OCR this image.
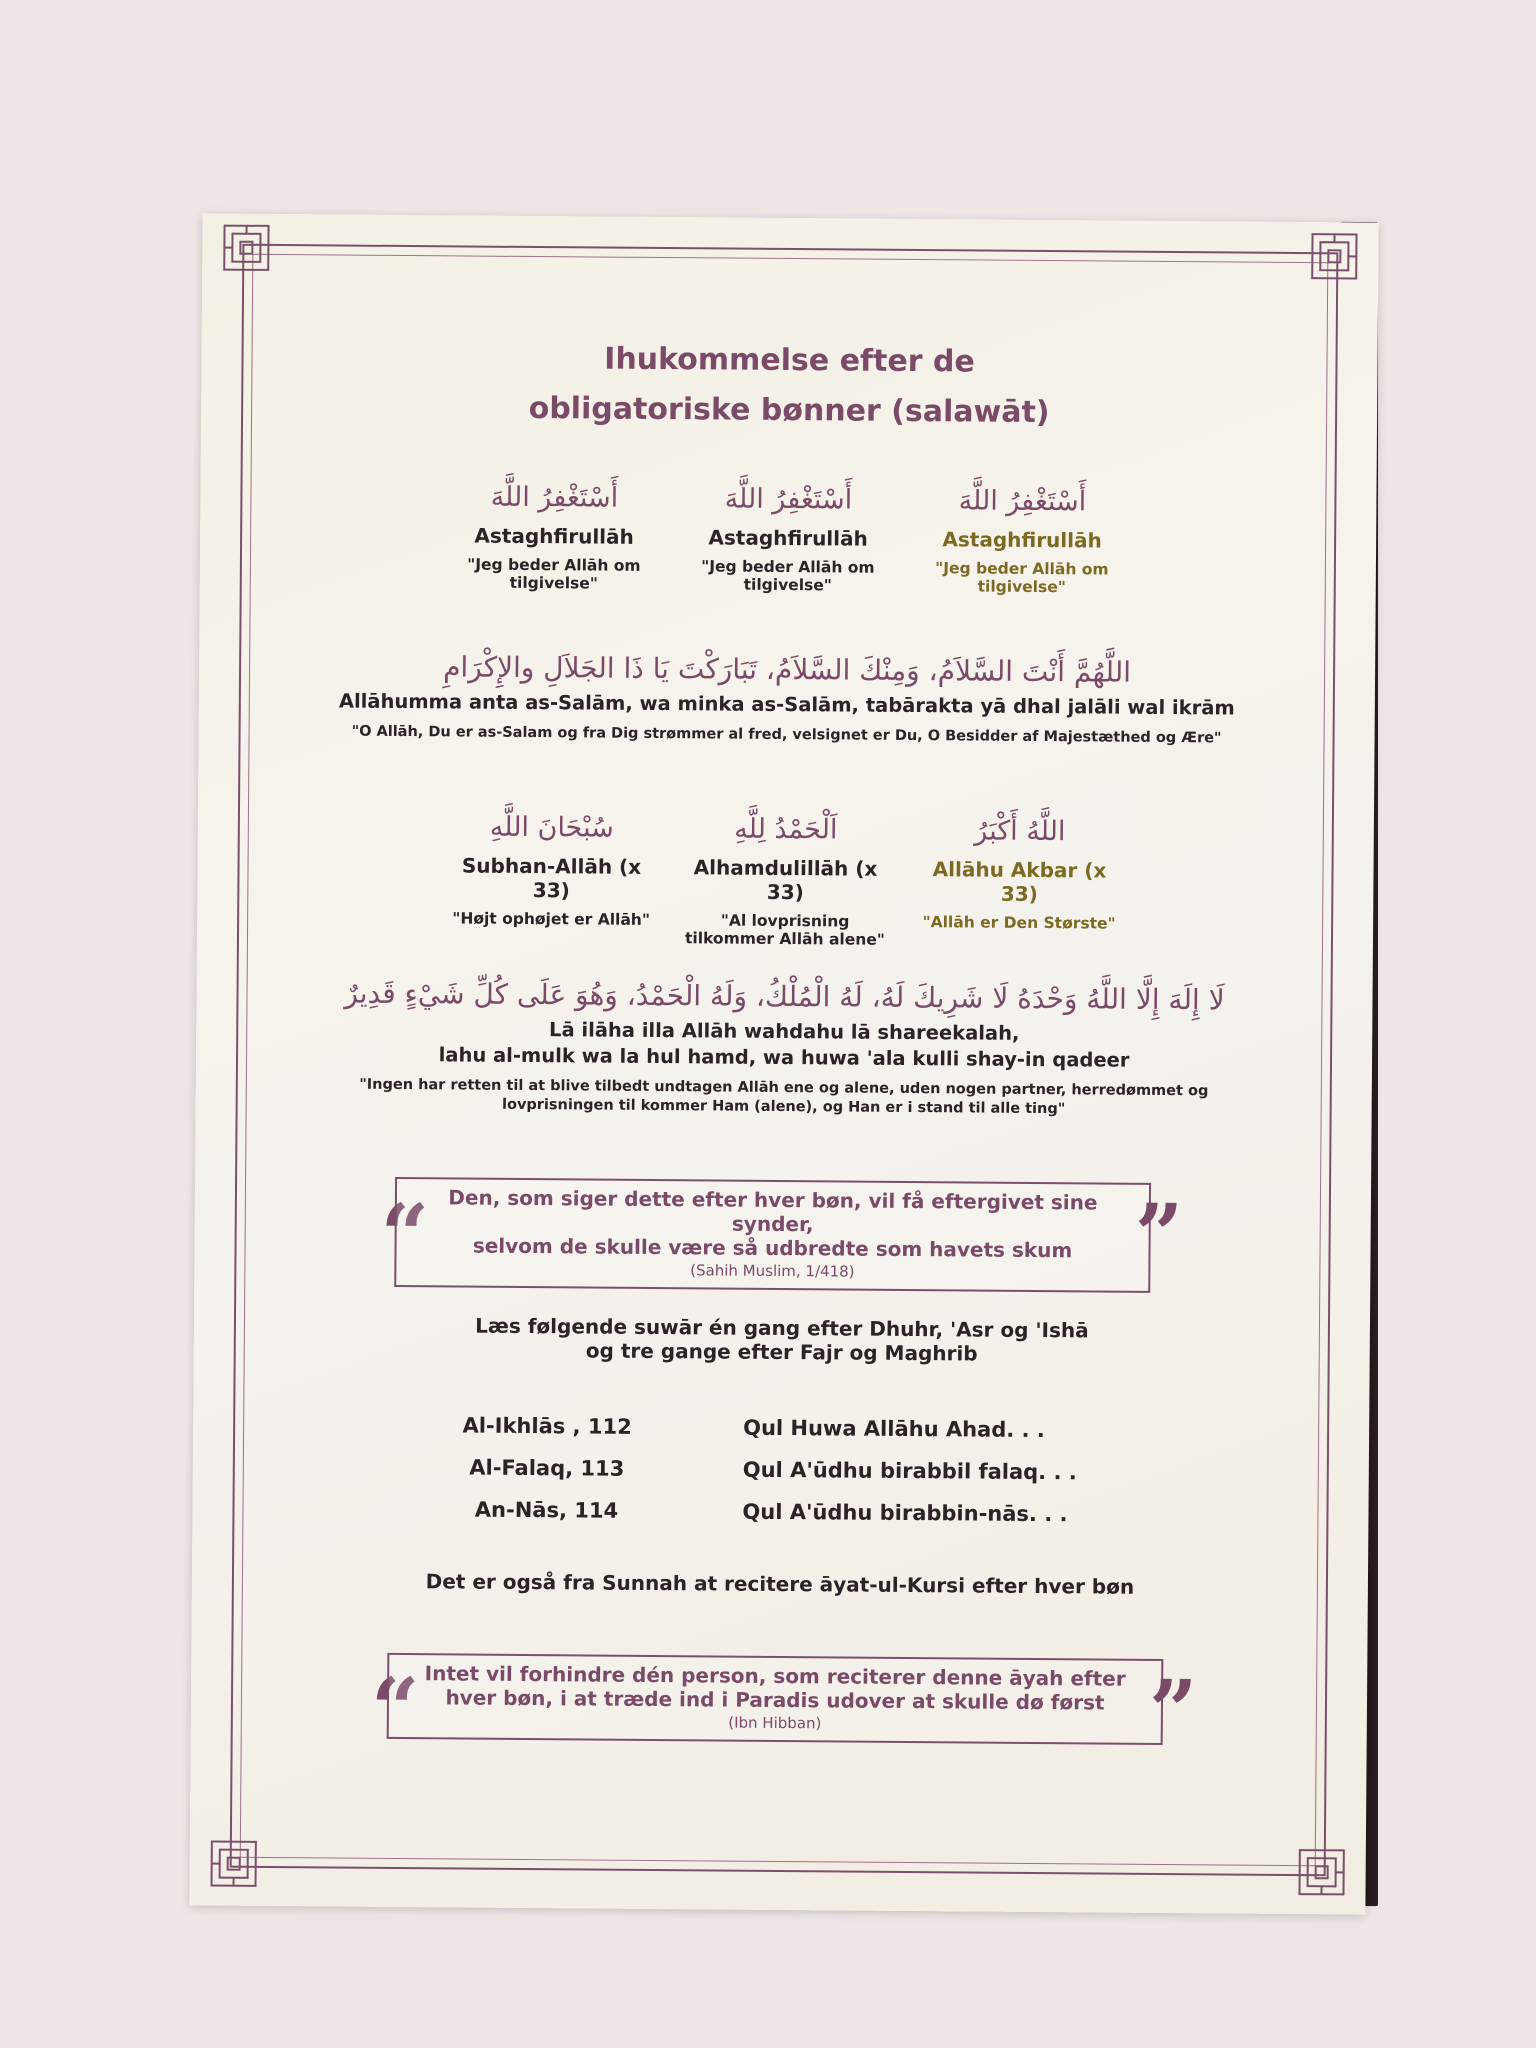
Ihukommelse efter de
obligatoriske bønner (salawāt)
أَسْتَغْفِرُ اللَّهَ
Astaghfirullāh
"Jeg beder Allāh om tilgivelse"
أَسْتَغْفِرُ اللَّهَ
Astaghfirullāh
"Jeg beder Allāh om tilgivelse"
أَسْتَغْفِرُ اللَّهَ
Astaghfirullāh
"Jeg beder Allāh om tilgivelse"
اللَّهُمَّ أَنْتَ السَّلاَمُ، وَمِنْكَ السَّلاَمُ، تَبَارَكْتَ يَا ذَا الجَلاَلِ والإِكْرَامِ
Allāhumma anta as-Salām, wa minka as-Salām, tabārakta yā dhal jalāli wal ikrām
"O Allāh, Du er as-Salam og fra Dig strømmer al fred, velsignet er Du, O Besidder af Majestæthed og Ære"
سُبْحَانَ اللَّهِ
Subhan-Allāh (x 33)
"Højt ophøjet er Allāh"
اَلْحَمْدُ لِلَّهِ
Alhamdulillāh (x 33)
"Al lovprisning tilkommer Allāh alene"
اللَّهُ أَكْبَرُ
Allāhu Akbar (x 33)
"Allāh er Den Største"
لَا إِلَهَ إِلَّا اللَّهُ وَحْدَهُ لَا شَرِيكَ لَهُ، لَهُ الْمُلْكُ، وَلَهُ الْحَمْدُ، وَهُوَ عَلَى كُلِّ شَيْءٍ قَدِيرٌ
Lā ilāha illa Allāh wahdahu lā shareekalah,
lahu al-mulk wa la hul hamd, wa huwa 'ala kulli shay-in qadeer
"Ingen har retten til at blive tilbedt undtagen Allāh ene og alene, uden nogen partner, herredømmet og
lovprisningen til kommer Ham (alene), og Han er i stand til alle ting"
“ Den, som siger dette efter hver bøn, vil få eftergivet sine synder,
selvom de skulle være så udbredte som havets skum
(Sahih Muslim, 1/418)	”
Læs følgende suwār én gang efter Dhuhr, 'Asr og 'Ishā
og tre gange efter Fajr og Maghrib
Al-Ikhlās , 112	Qul Huwa Allāhu Ahad. . .
Al-Falaq, 113	Qul A'ūdhu birabbil falaq. . .
An-Nās, 114	Qul A'ūdhu birabbin-nās. . .
Det er også fra Sunnah at recitere āyat-ul-Kursi efter hver bøn
“ Intet vil forhindre dén person, som reciterer denne āyah efter
hver bøn, i at træde ind i Paradis udover at skulle dø først
(Ibn Hibban)	”
